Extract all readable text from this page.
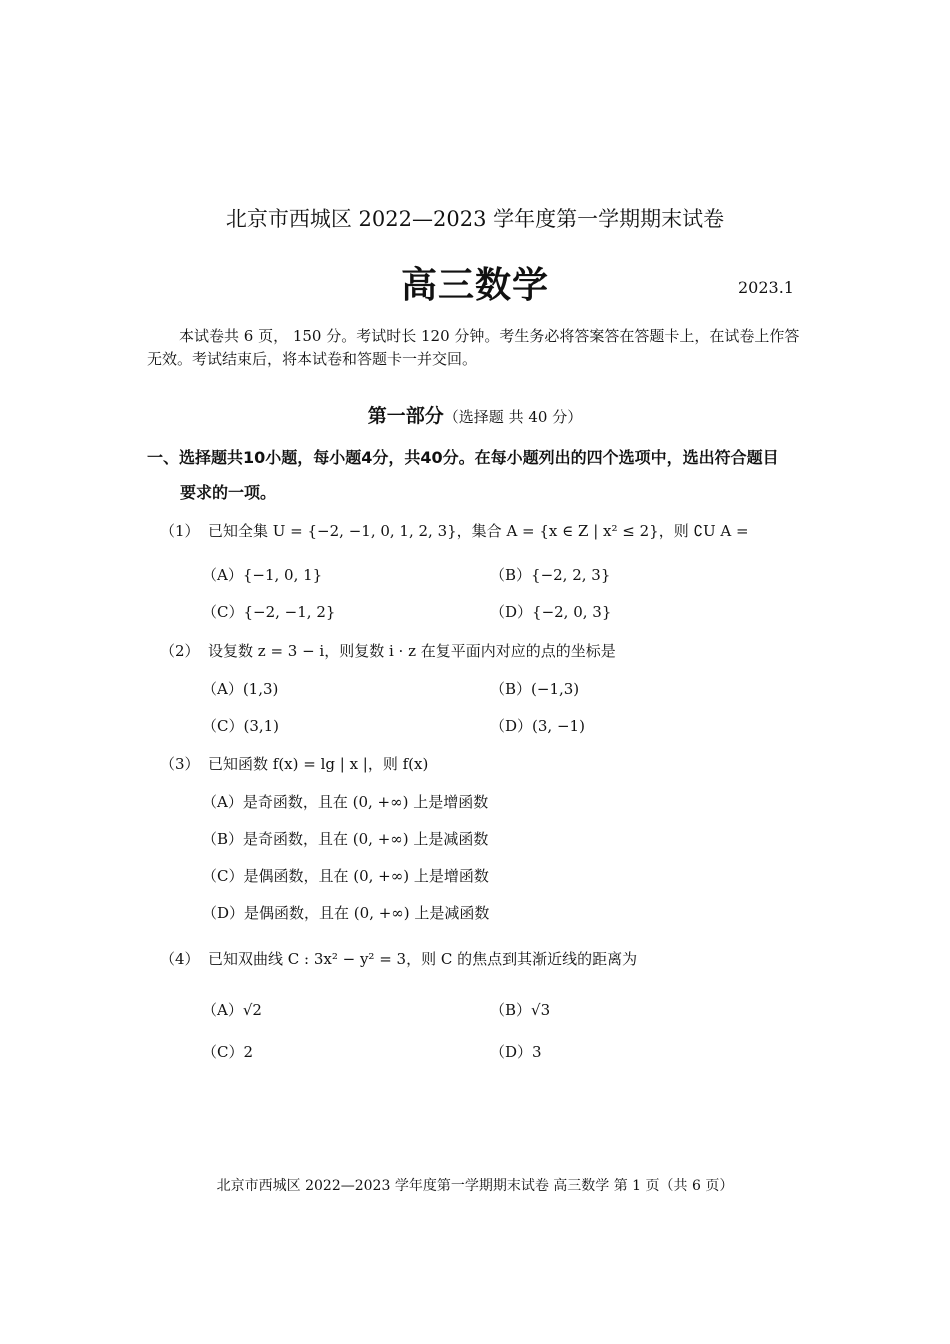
北京市西城区 2022—2023 学年度第一学期期末试卷
高三数学	2023.1
本试卷共 6 页， 150 分。考试时长 120 分钟。考生务必将答案答在答题卡上，在试卷上作答无效。考试结束后，将本试卷和答题卡一并交回。
第一部分（选择题 共 40 分）
一、选择题共10小题，每小题4分，共40分。在每小题列出的四个选项中，选出符合题目
要求的一项。
（1） 已知全集 U = {−2, −1, 0, 1, 2, 3}，集合 A = {x ∈ Z | x² ≤ 2}，则 ∁U A =
（A）{−1, 0, 1}	（B）{−2, 2, 3}
（C）{−2, −1, 2}	（D）{−2, 0, 3}
（2） 设复数 z = 3 − i，则复数 i · z 在复平面内对应的点的坐标是
（A）(1,3)	（B）(−1,3)
（C）(3,1)	（D）(3, −1)
（3） 已知函数 f(x) = lg | x |，则 f(x)
（A）是奇函数，且在 (0, +∞) 上是增函数
（B）是奇函数，且在 (0, +∞) 上是减函数
（C）是偶函数，且在 (0, +∞) 上是增函数
（D）是偶函数，且在 (0, +∞) 上是减函数
（4） 已知双曲线 C : 3x² − y² = 3，则 C 的焦点到其渐近线的距离为
（A）√2	（B）√3
（C）2	（D）3
北京市西城区 2022—2023 学年度第一学期期末试卷 高三数学 第 1 页（共 6 页）
